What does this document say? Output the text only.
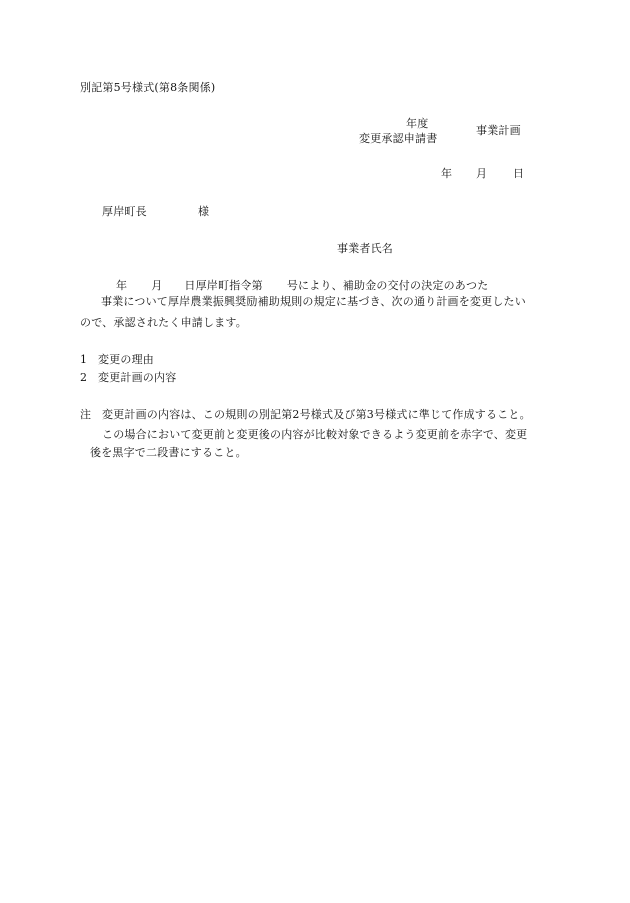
別記第5号様式(第8条関係)
年度
変更承認申請書
事業計画
年 月 日
厚岸町長	様
事業者氏名
年 月 日厚岸町指令第 号により、補助金の交付の決定のあつた
事業について厚岸農業振興奨励補助規則の規定に基づき、次の通り計画を変更したい
ので、承認されたく申請します。
1 変更の理由
2 変更計画の内容
注 変更計画の内容は、この規則の別記第2号様式及び第3号様式に準じて作成すること。
この場合において変更前と変更後の内容が比較対象できるよう変更前を赤字で、変更
後を黒字で二段書にすること。
